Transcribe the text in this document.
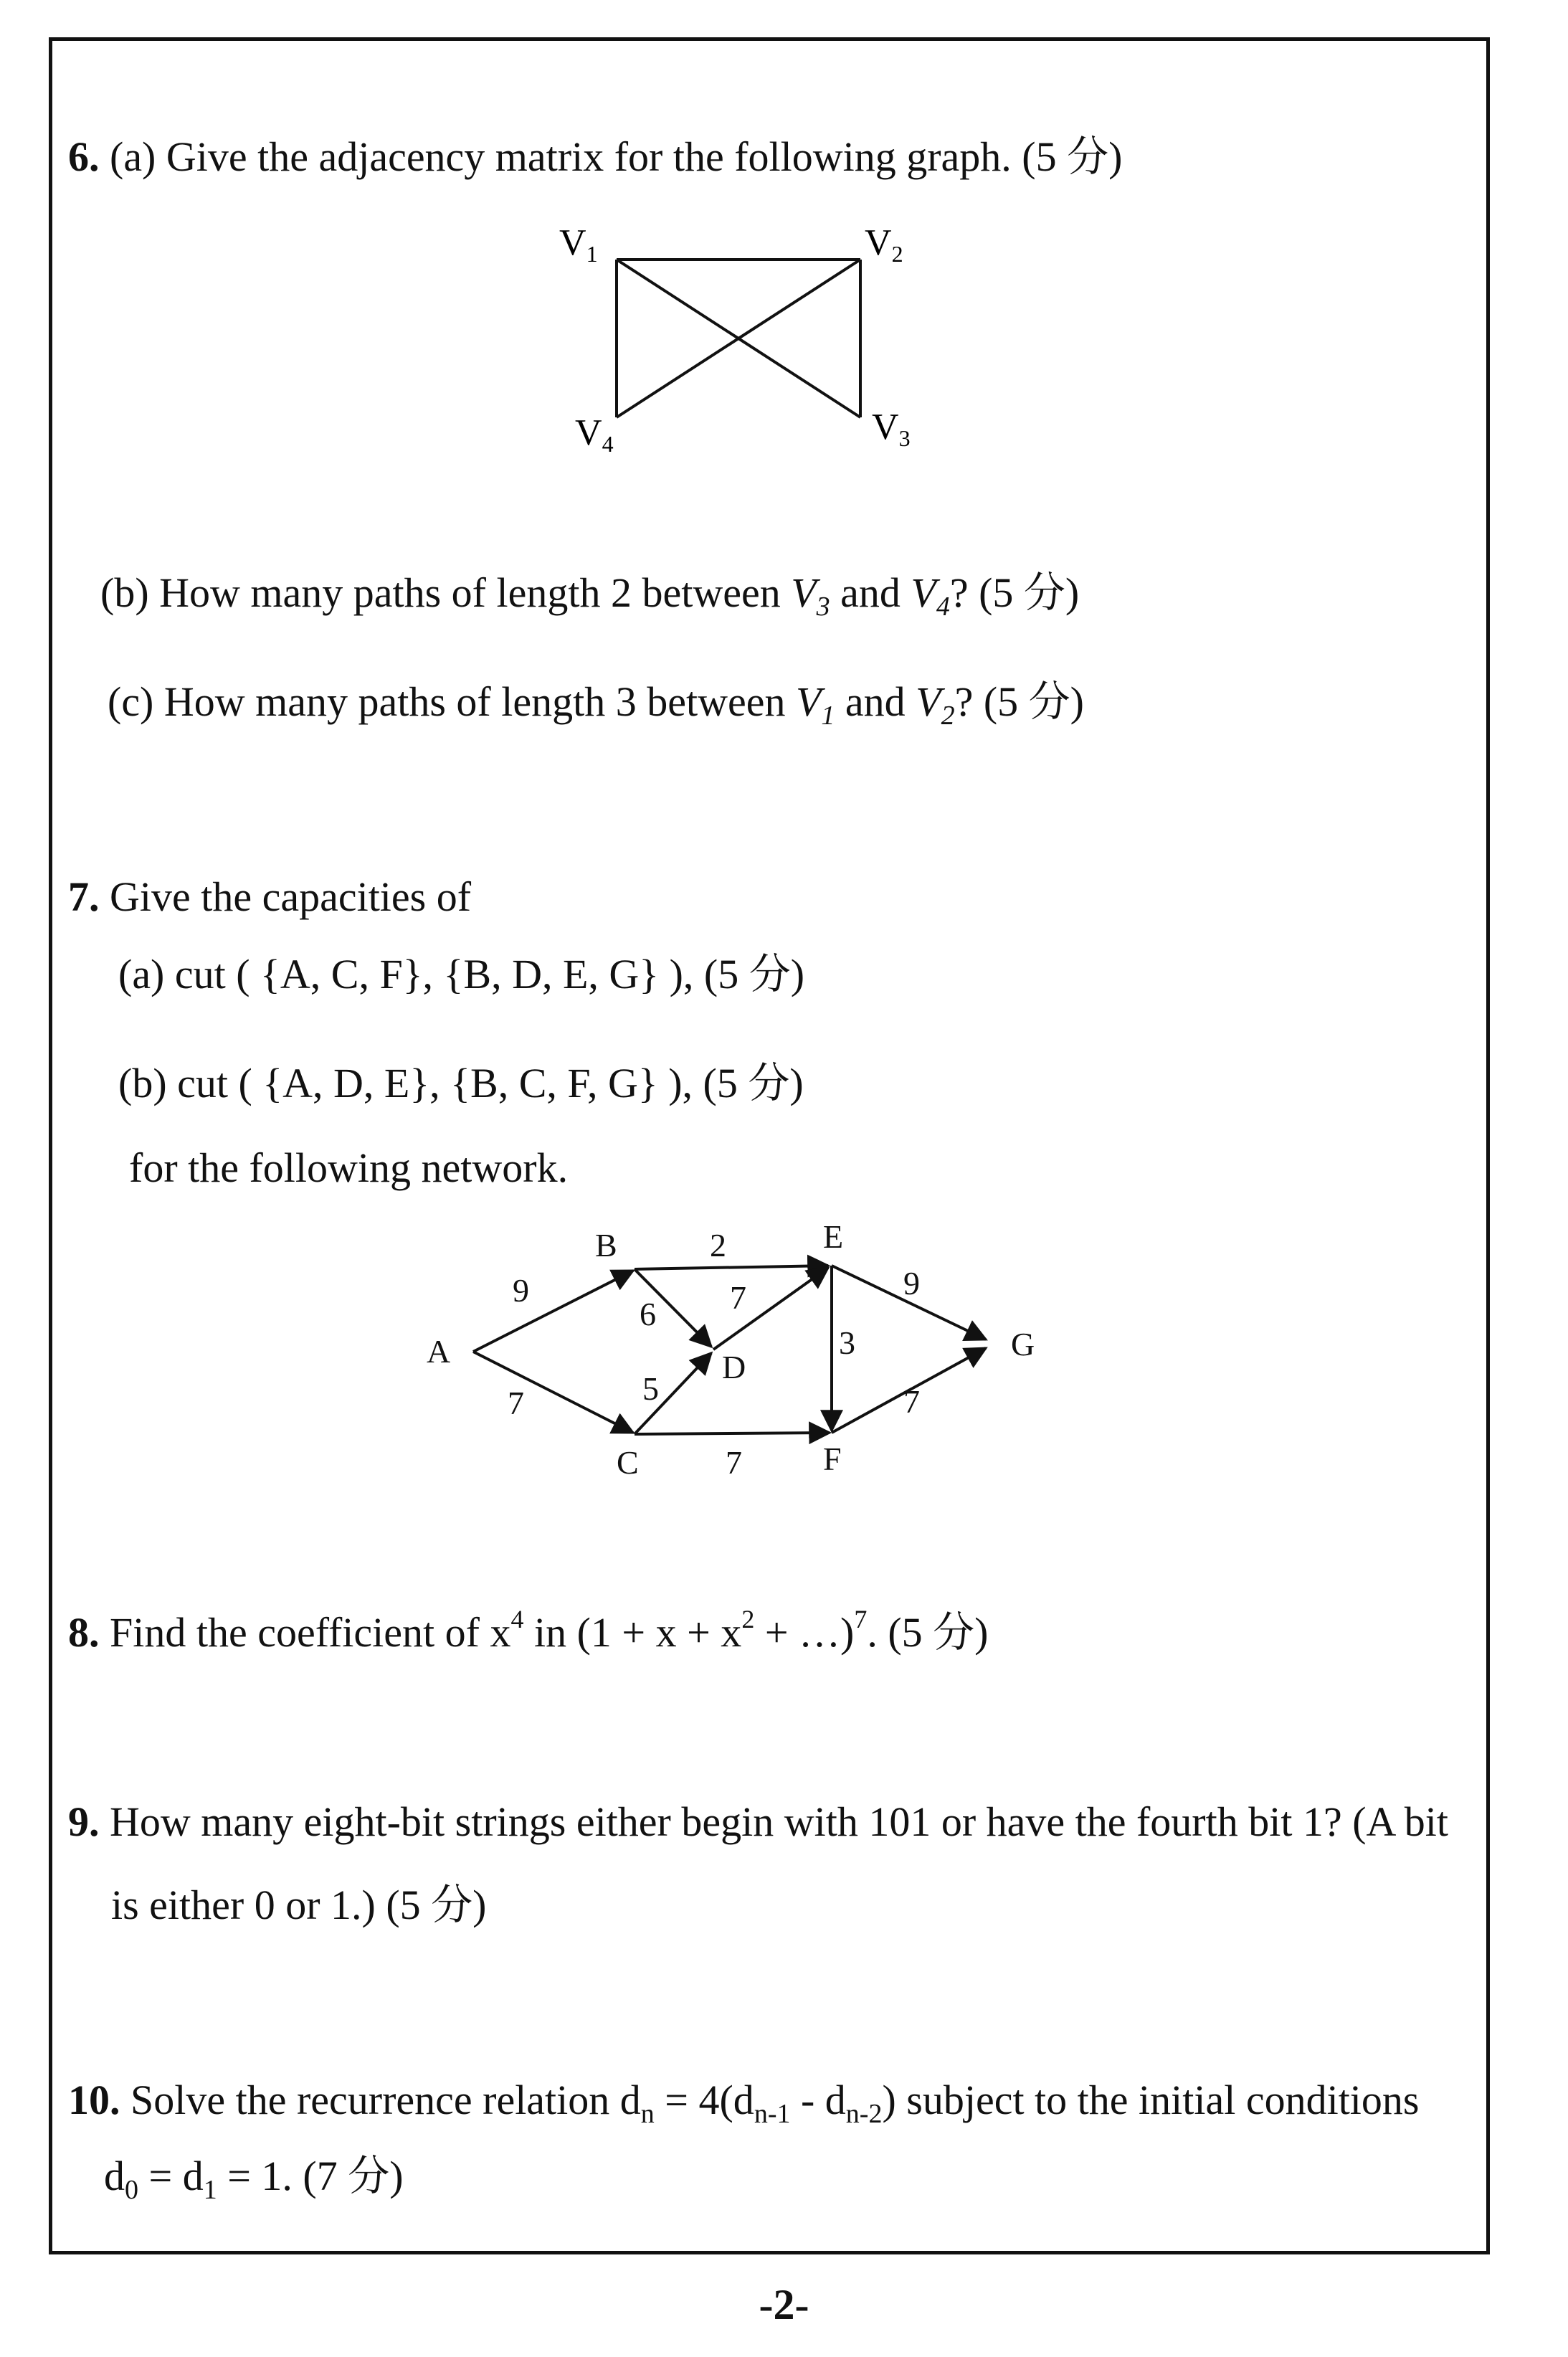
6. (a) Give the adjacency matrix for the following graph. (5 分)
V1	V2
V3
V4
(b) How many paths of length 2 between $V_3$ and $V_4$? (5 分)
(c) How many paths of length 3 between $V_1$ and $V_2$? (5 分)
7. Give the capacities of
(a) cut ( {A, C, F}, {B, D, E, G} ), (5 分)
(b) cut ( {A, D, E}, {B, C, F, G} ), (5 分)
for the following network.
A
B
C
D
E
F
G
9
7
2
6
5
7
7
3
9
7
8. Find the coefficient of $x^4$ in ($1 + x + x^2$ + …)$^7$. (5 分)
9. How many eight-bit strings either begin with 101 or have the fourth bit 1? (A bit
is either 0 or 1.) (5 分)
10. Solve the recurrence relation $d_n = 4(d_{n-1} - d_{n-2})$ subject to the initial conditions
$d_0 = d_1 = 1$. (7 分)
-2-
